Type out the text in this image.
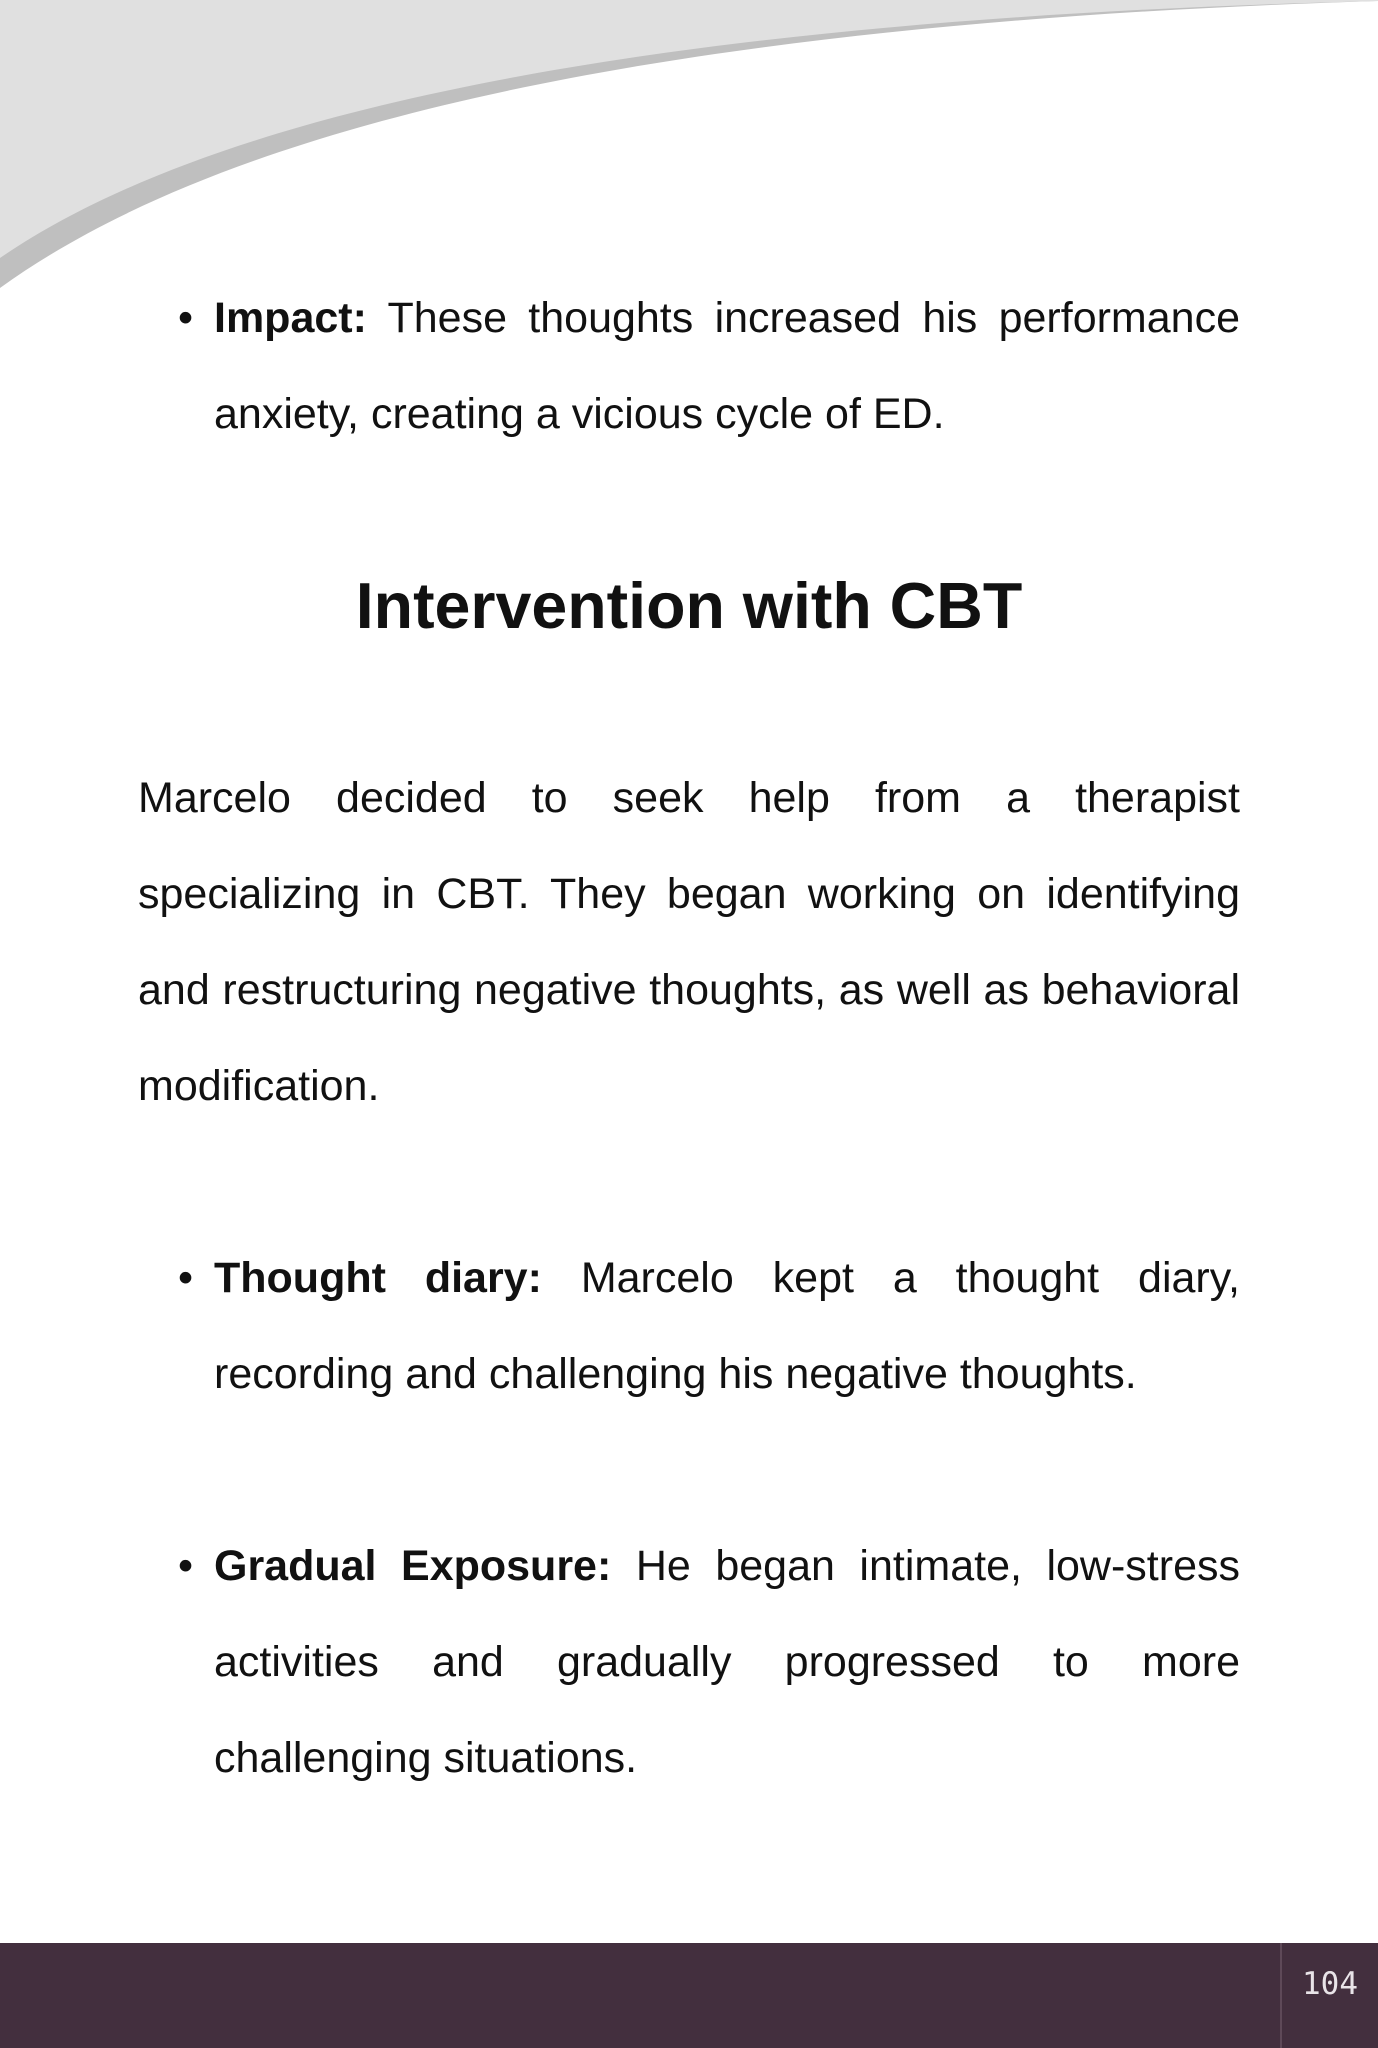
• Impact: These thoughts increased his performance anxiety, creating a vicious cycle of ED.

Intervention with CBT

Marcelo decided to seek help from a therapist specializing in CBT. They began working on identifying and restructuring negative thoughts, as well as behavioral modification.

• Thought diary: Marcelo kept a thought diary, recording and challenging his negative thoughts.

• Gradual Exposure: He began intimate, low-stress activities and gradually progressed to more challenging situations.

104
